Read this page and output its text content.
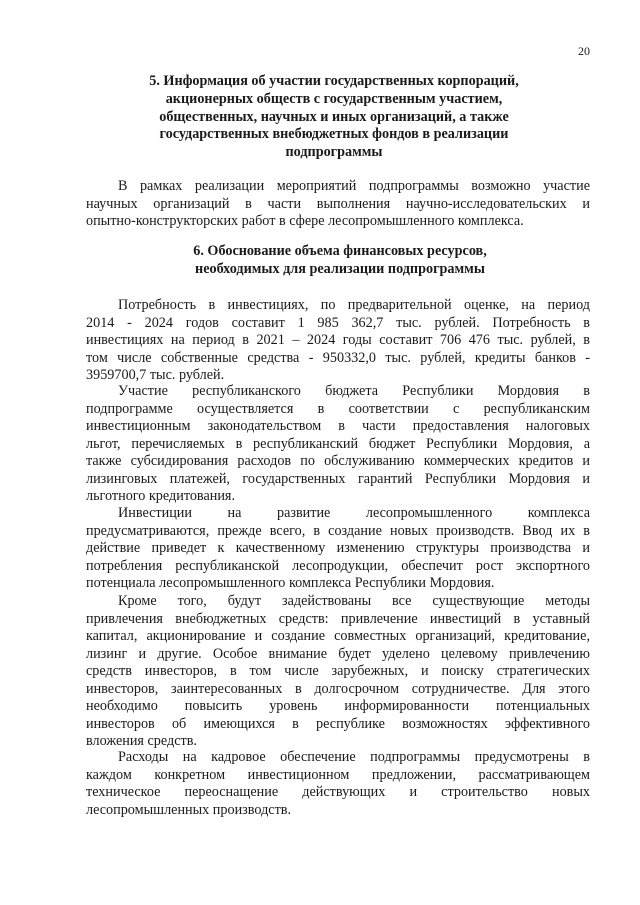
20
5. Информация об участии государственных корпораций,
акционерных обществ с государственным участием,
общественных, научных и иных организаций, а также
государственных внебюджетных фондов в реализации
подпрограммы
В рамках реализации мероприятий подпрограммы возможно участие
научных организаций в части выполнения научно-исследовательских и
опытно-конструкторских работ в сфере лесопромышленного комплекса.
6. Обоснование объема финансовых ресурсов,
необходимых для реализации подпрограммы
Потребность в инвестициях, по предварительной оценке, на период
2014 - 2024 годов составит 1 985 362,7 тыс. рублей. Потребность в
инвестициях на период в 2021 – 2024 годы составит 706 476 тыс. рублей, в
том числе собственные средства - 950332,0 тыс. рублей, кредиты банков -
3959700,7 тыс. рублей.
Участие республиканского бюджета Республики Мордовия в
подпрограмме осуществляется в соответствии с республиканским
инвестиционным законодательством в части предоставления налоговых
льгот, перечисляемых в республиканский бюджет Республики Мордовия, а
также субсидирования расходов по обслуживанию коммерческих кредитов и
лизинговых платежей, государственных гарантий Республики Мордовия и
льготного кредитования.
Инвестиции на развитие лесопромышленного комплекса
предусматриваются, прежде всего, в создание новых производств. Ввод их в
действие приведет к качественному изменению структуры производства и
потребления республиканской лесопродукции, обеспечит рост экспортного
потенциала лесопромышленного комплекса Республики Мордовия.
Кроме того, будут задействованы все существующие методы
привлечения внебюджетных средств: привлечение инвестиций в уставный
капитал, акционирование и создание совместных организаций, кредитование,
лизинг и другие. Особое внимание будет уделено целевому привлечению
средств инвесторов, в том числе зарубежных, и поиску стратегических
инвесторов, заинтересованных в долгосрочном сотрудничестве. Для этого
необходимо повысить уровень информированности потенциальных
инвесторов об имеющихся в республике возможностях эффективного
вложения средств.
Расходы на кадровое обеспечение подпрограммы предусмотрены в
каждом конкретном инвестиционном предложении, рассматривающем
техническое переоснащение действующих и строительство новых
лесопромышленных производств.
